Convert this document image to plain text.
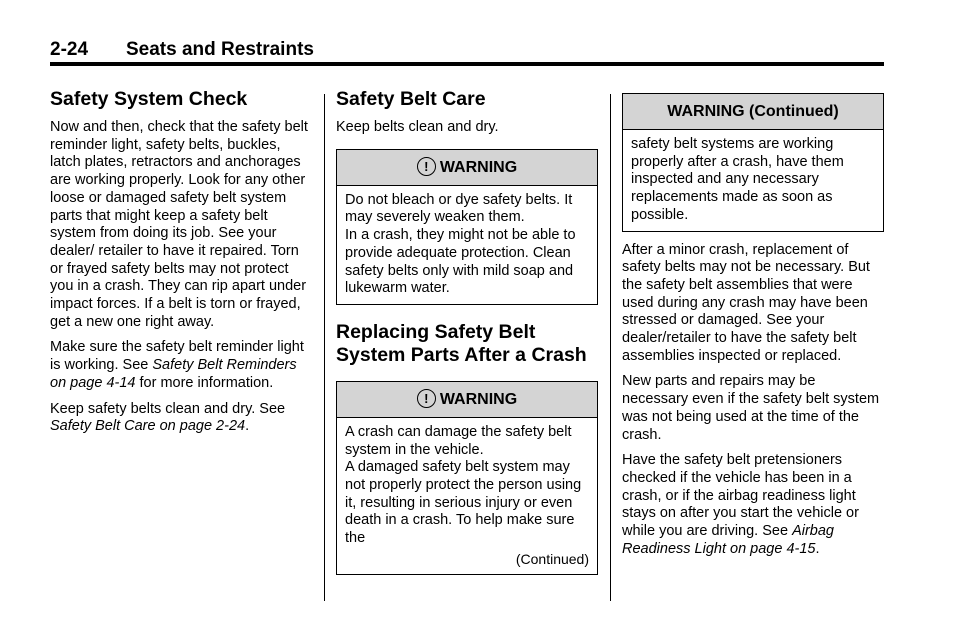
2-24 Seats and Restraints
Safety System Check

Now and then, check that the safety belt reminder light, safety belts, buckles, latch plates, retractors and anchorages are working properly. Look for any other loose or damaged safety belt system parts that might keep a safety belt system from doing its job. See your dealer/ retailer to have it repaired. Torn or frayed safety belts may not protect you in a crash. They can rip apart under impact forces. If a belt is torn or frayed, get a new one right away.

Make sure the safety belt reminder light is working. See Safety Belt Reminders on page 4-14 for more information.

Keep safety belts clean and dry. See Safety Belt Care on page 2-24.

Safety Belt Care

Keep belts clean and dry.

! WARNING

Do not bleach or dye safety belts. It may severely weaken them.

In a crash, they might not be able to provide adequate protection. Clean safety belts only with mild soap and lukewarm water.

Replacing Safety Belt System Parts After a Crash
! WARNING

A crash can damage the safety belt system in the vehicle.

A damaged safety belt system may not properly protect the person using it, resulting in serious injury or even death in a crash. To help make sure the

(Continued)
WARNING (Continued)

safety belt systems are working properly after a crash, have them inspected and any necessary replacements made as soon as possible.

After a minor crash, replacement of safety belts may not be necessary. But the safety belt assemblies that were used during any crash may have been stressed or damaged. See your dealer/retailer to have the safety belt assemblies inspected or replaced.

New parts and repairs may be necessary even if the safety belt system was not being used at the time of the crash.

Have the safety belt pretensioners checked if the vehicle has been in a crash, or if the airbag readiness light stays on after you start the vehicle or while you are driving. See Airbag Readiness Light on page 4-15.
